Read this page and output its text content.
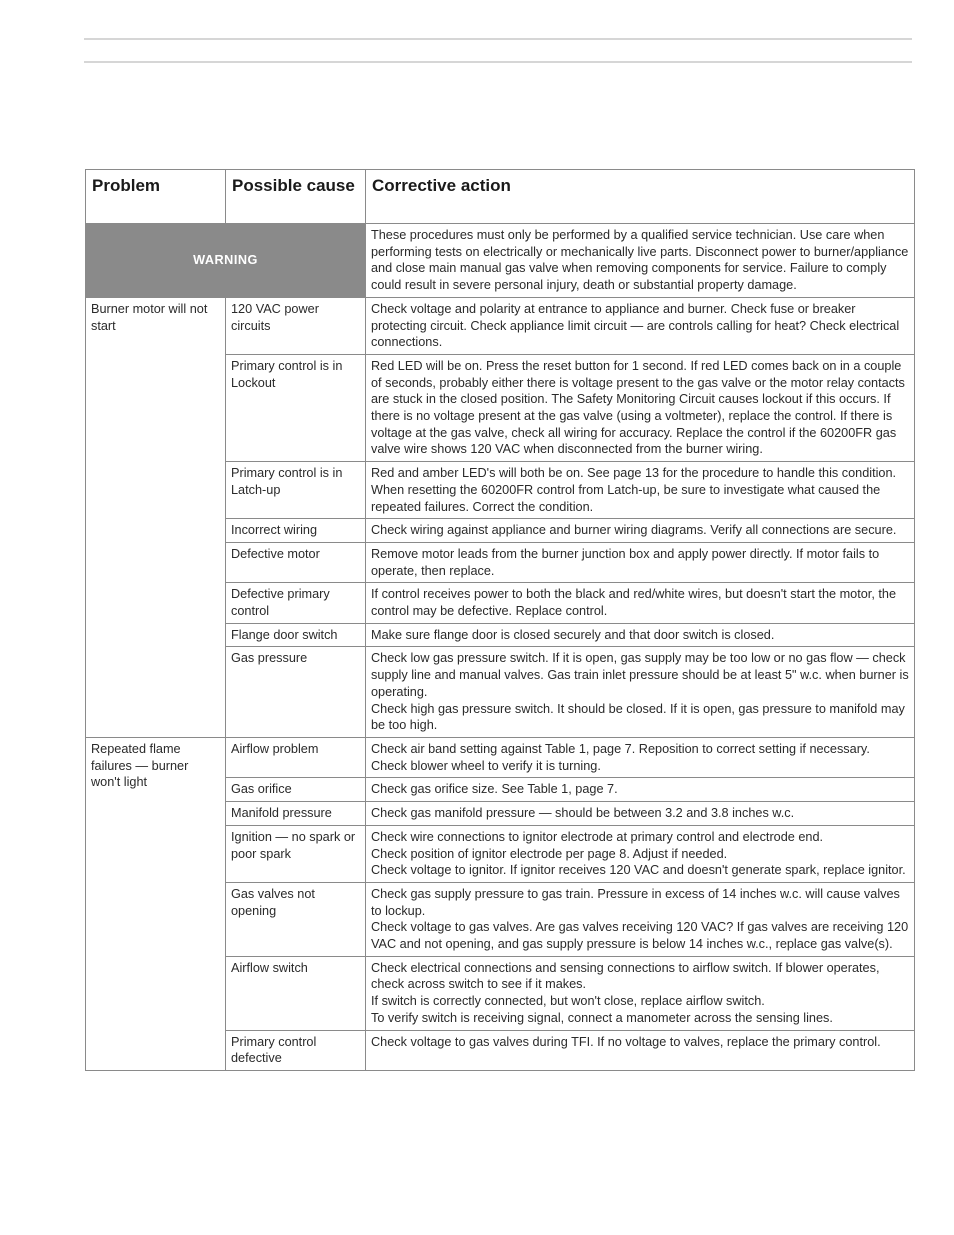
Problem	Possible cause	Corrective action
WARNING		These procedures must only be performed by a qualified service technician. Use care when performing tests on electrically or mechanically live parts. Disconnect power to burner/appliance and close main manual gas valve when removing components for service. Failure to comply could result in severe personal injury, death or substantial property damage.
Burner motor will not start	120 VAC power circuits	Check voltage and polarity at entrance to appliance and burner. Check fuse or breaker protecting circuit. Check appliance limit circuit — are controls calling for heat? Check electrical connections.

	Primary control is in Lockout	Red LED will be on. Press the reset button for 1 second. If red LED comes back on in a couple of seconds, probably either there is voltage present to the gas valve or the motor relay contacts are stuck in the closed position. The Safety Monitoring Circuit causes lockout if this occurs. If there is no voltage present at the gas valve (using a voltmeter), replace the control. If there is voltage at the gas valve, check all wiring for accuracy. Replace the control if the 60200FR gas valve wire shows 120 VAC when disconnected from the burner wiring.

	Primary control is in Latch-up	Red and amber LED's will both be on. See page 13 for the procedure to handle this condition. When resetting the 60200FR control from Latch-up, be sure to investigate what caused the repeated failures. Correct the condition.

	Incorrect wiring	Check wiring against appliance and burner wiring diagrams. Verify all connections are secure.

	Defective motor	Remove motor leads from the burner junction box and apply power directly. If motor fails to operate, then replace.

	Defective primary control	If control receives power to both the black and red/white wires, but doesn't start the motor, the control may be defective. Replace control.

	Flange door switch	Make sure flange door is closed securely and that door switch is closed.

	Gas pressure	Check low gas pressure switch. If it is open, gas supply may be too low or no gas flow — check supply line and manual valves. Gas train inlet pressure should be at least 5" w.c. when burner is operating.
Check high gas pressure switch. It should be closed. If it is open, gas pressure to manifold may be too high.

Repeated flame failures — burner won't light	Airflow problem	Check air band setting against Table 1, page 7. Reposition to correct setting if necessary. Check blower wheel to verify it is turning.

	Gas orifice	Check gas orifice size. See Table 1, page 7.

	Manifold pressure	Check gas manifold pressure — should be between 3.2 and 3.8 inches w.c.

	Ignition — no spark or poor spark	Check wire connections to ignitor electrode at primary control and electrode end.
Check position of ignitor electrode per page 8. Adjust if needed.
Check voltage to ignitor. If ignitor receives 120 VAC and doesn't generate spark, replace ignitor.

	Gas valves not opening	Check gas supply pressure to gas train. Pressure in excess of 14 inches w.c. will cause valves to lockup.
Check voltage to gas valves. Are gas valves receiving 120 VAC? If gas valves are receiving 120 VAC and not opening, and gas supply pressure is below 14 inches w.c., replace gas valve(s).

	Airflow switch	Check electrical connections and sensing connections to airflow switch. If blower operates, check across switch to see if it makes.
If switch is correctly connected, but won't close, replace airflow switch.
To verify switch is receiving signal, connect a manometer across the sensing lines.

	Primary control defective	Check voltage to gas valves during TFI. If no voltage to valves, replace the primary control.
